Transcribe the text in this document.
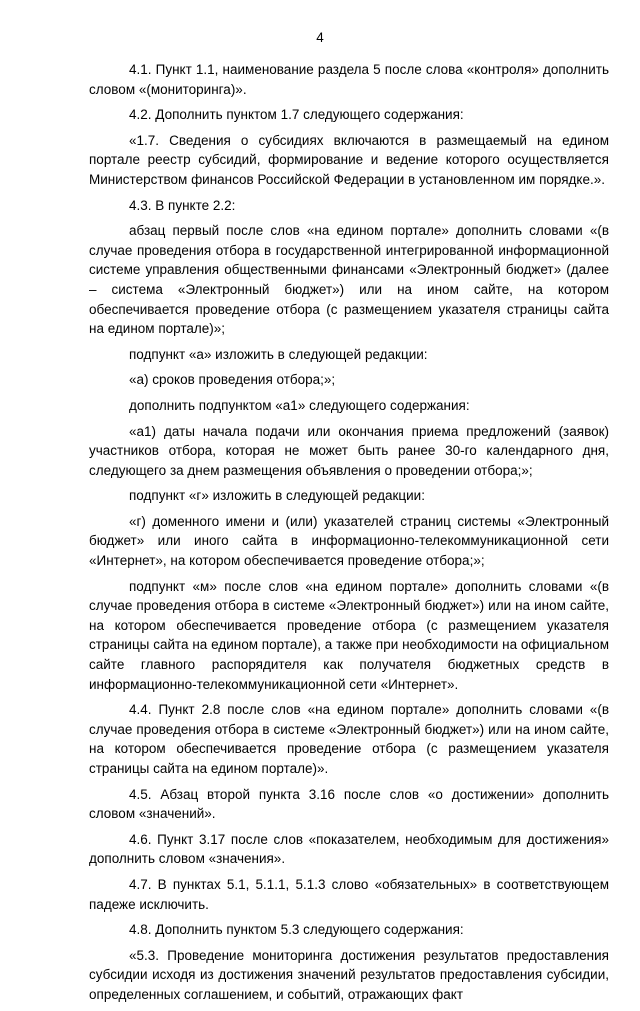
4

4.1. Пункт 1.1, наименование раздела 5 после слова «контроля» дополнить словом «(мониторинга)».

4.2. Дополнить пунктом 1.7 следующего содержания:

«1.7. Сведения о субсидиях включаются в размещаемый на едином портале реестр субсидий, формирование и ведение которого осуществляется Министерством финансов Российской Федерации в установленном им порядке.».

4.3. В пункте 2.2:

абзац первый после слов «на едином портале» дополнить словами «(в случае проведения отбора в государственной интегрированной информационной системе управления общественными финансами «Электронный бюджет» (далее – система «Электронный бюджет») или на ином сайте, на котором обеспечивается проведение отбора (с размещением указателя страницы сайта на едином портале)»;

подпункт «а» изложить в следующей редакции:

«а) сроков проведения отбора;»;

дополнить подпунктом «а1» следующего содержания:

«а1) даты начала подачи или окончания приема предложений (заявок) участников отбора, которая не может быть ранее 30-го календарного дня, следующего за днем размещения объявления о проведении отбора;»;

подпункт «г» изложить в следующей редакции:

«г) доменного имени и (или) указателей страниц системы «Электронный бюджет» или иного сайта в информационно-телекоммуникационной сети «Интернет», на котором обеспечивается проведение отбора;»;

подпункт «м» после слов «на едином портале» дополнить словами «(в случае проведения отбора в системе «Электронный бюджет») или на ином сайте, на котором обеспечивается проведение отбора (с размещением указателя страницы сайта на едином портале), а также при необходимости на официальном сайте главного распорядителя как получателя бюджетных средств в информационно-телекоммуникационной сети «Интернет».

4.4. Пункт 2.8 после слов «на едином портале» дополнить словами «(в случае проведения отбора в системе «Электронный бюджет») или на ином сайте, на котором обеспечивается проведение отбора (с размещением указателя страницы сайта на едином портале)».

4.5. Абзац второй пункта 3.16 после слов «о достижении» дополнить словом «значений».

4.6. Пункт 3.17 после слов «показателем, необходимым для достижения» дополнить словом «значения».

4.7. В пунктах 5.1, 5.1.1, 5.1.3 слово «обязательных» в соответствующем падеже исключить.

4.8. Дополнить пунктом 5.3 следующего содержания:

«5.3. Проведение мониторинга достижения результатов предоставления субсидии исходя из достижения значений результатов предоставления субсидии, определенных соглашением, и событий, отражающих факт
